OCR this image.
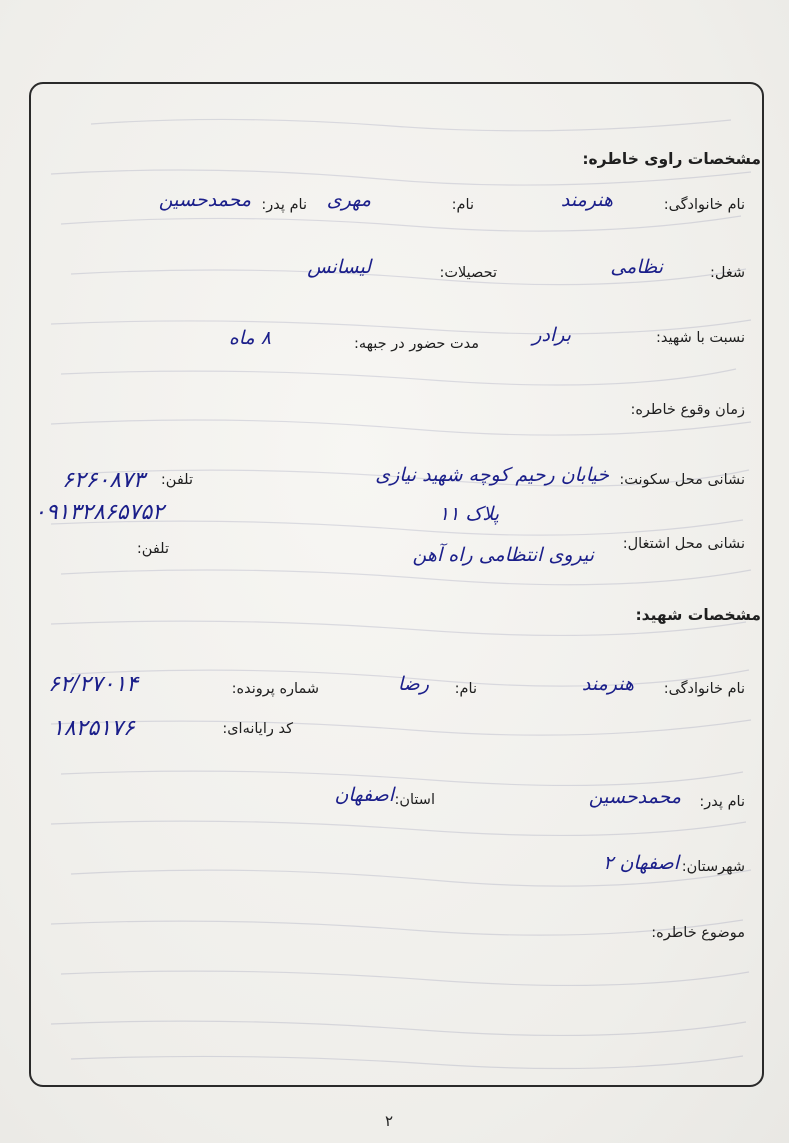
مشخصات راوی خاطره:
نام خانوادگی:
هنرمند
نام:
مهری
نام پدر:
محمدحسین
شغل:
نظامی
تحصیلات:
لیسانس
نسبت با شهید:
برادر
مدت حضور در جبهه:
۸ ماه
زمان وقوع خاطره:
نشانی محل سکونت:
خیابان رحیم کوچه شهید نیازی
پلاک ۱۱
تلفن:
۶۲۶۰۸۷۳
۰۹۱۳۲۸۶۵۷۵۲
نشانی محل اشتغال:
نیروی انتظامی راه آهن
تلفن:
مشخصات شهید:
نام خانوادگی:
هنرمند
نام:
رضا
شماره پرونده:
۶۲/۲۷۰۱۴
کد رایانه‌ای:
۱۸۲۵۱۷۶
نام پدر:
محمدحسین
استان:
اصفهان
شهرستان:
اصفهان ۲
موضوع خاطره:
۲
